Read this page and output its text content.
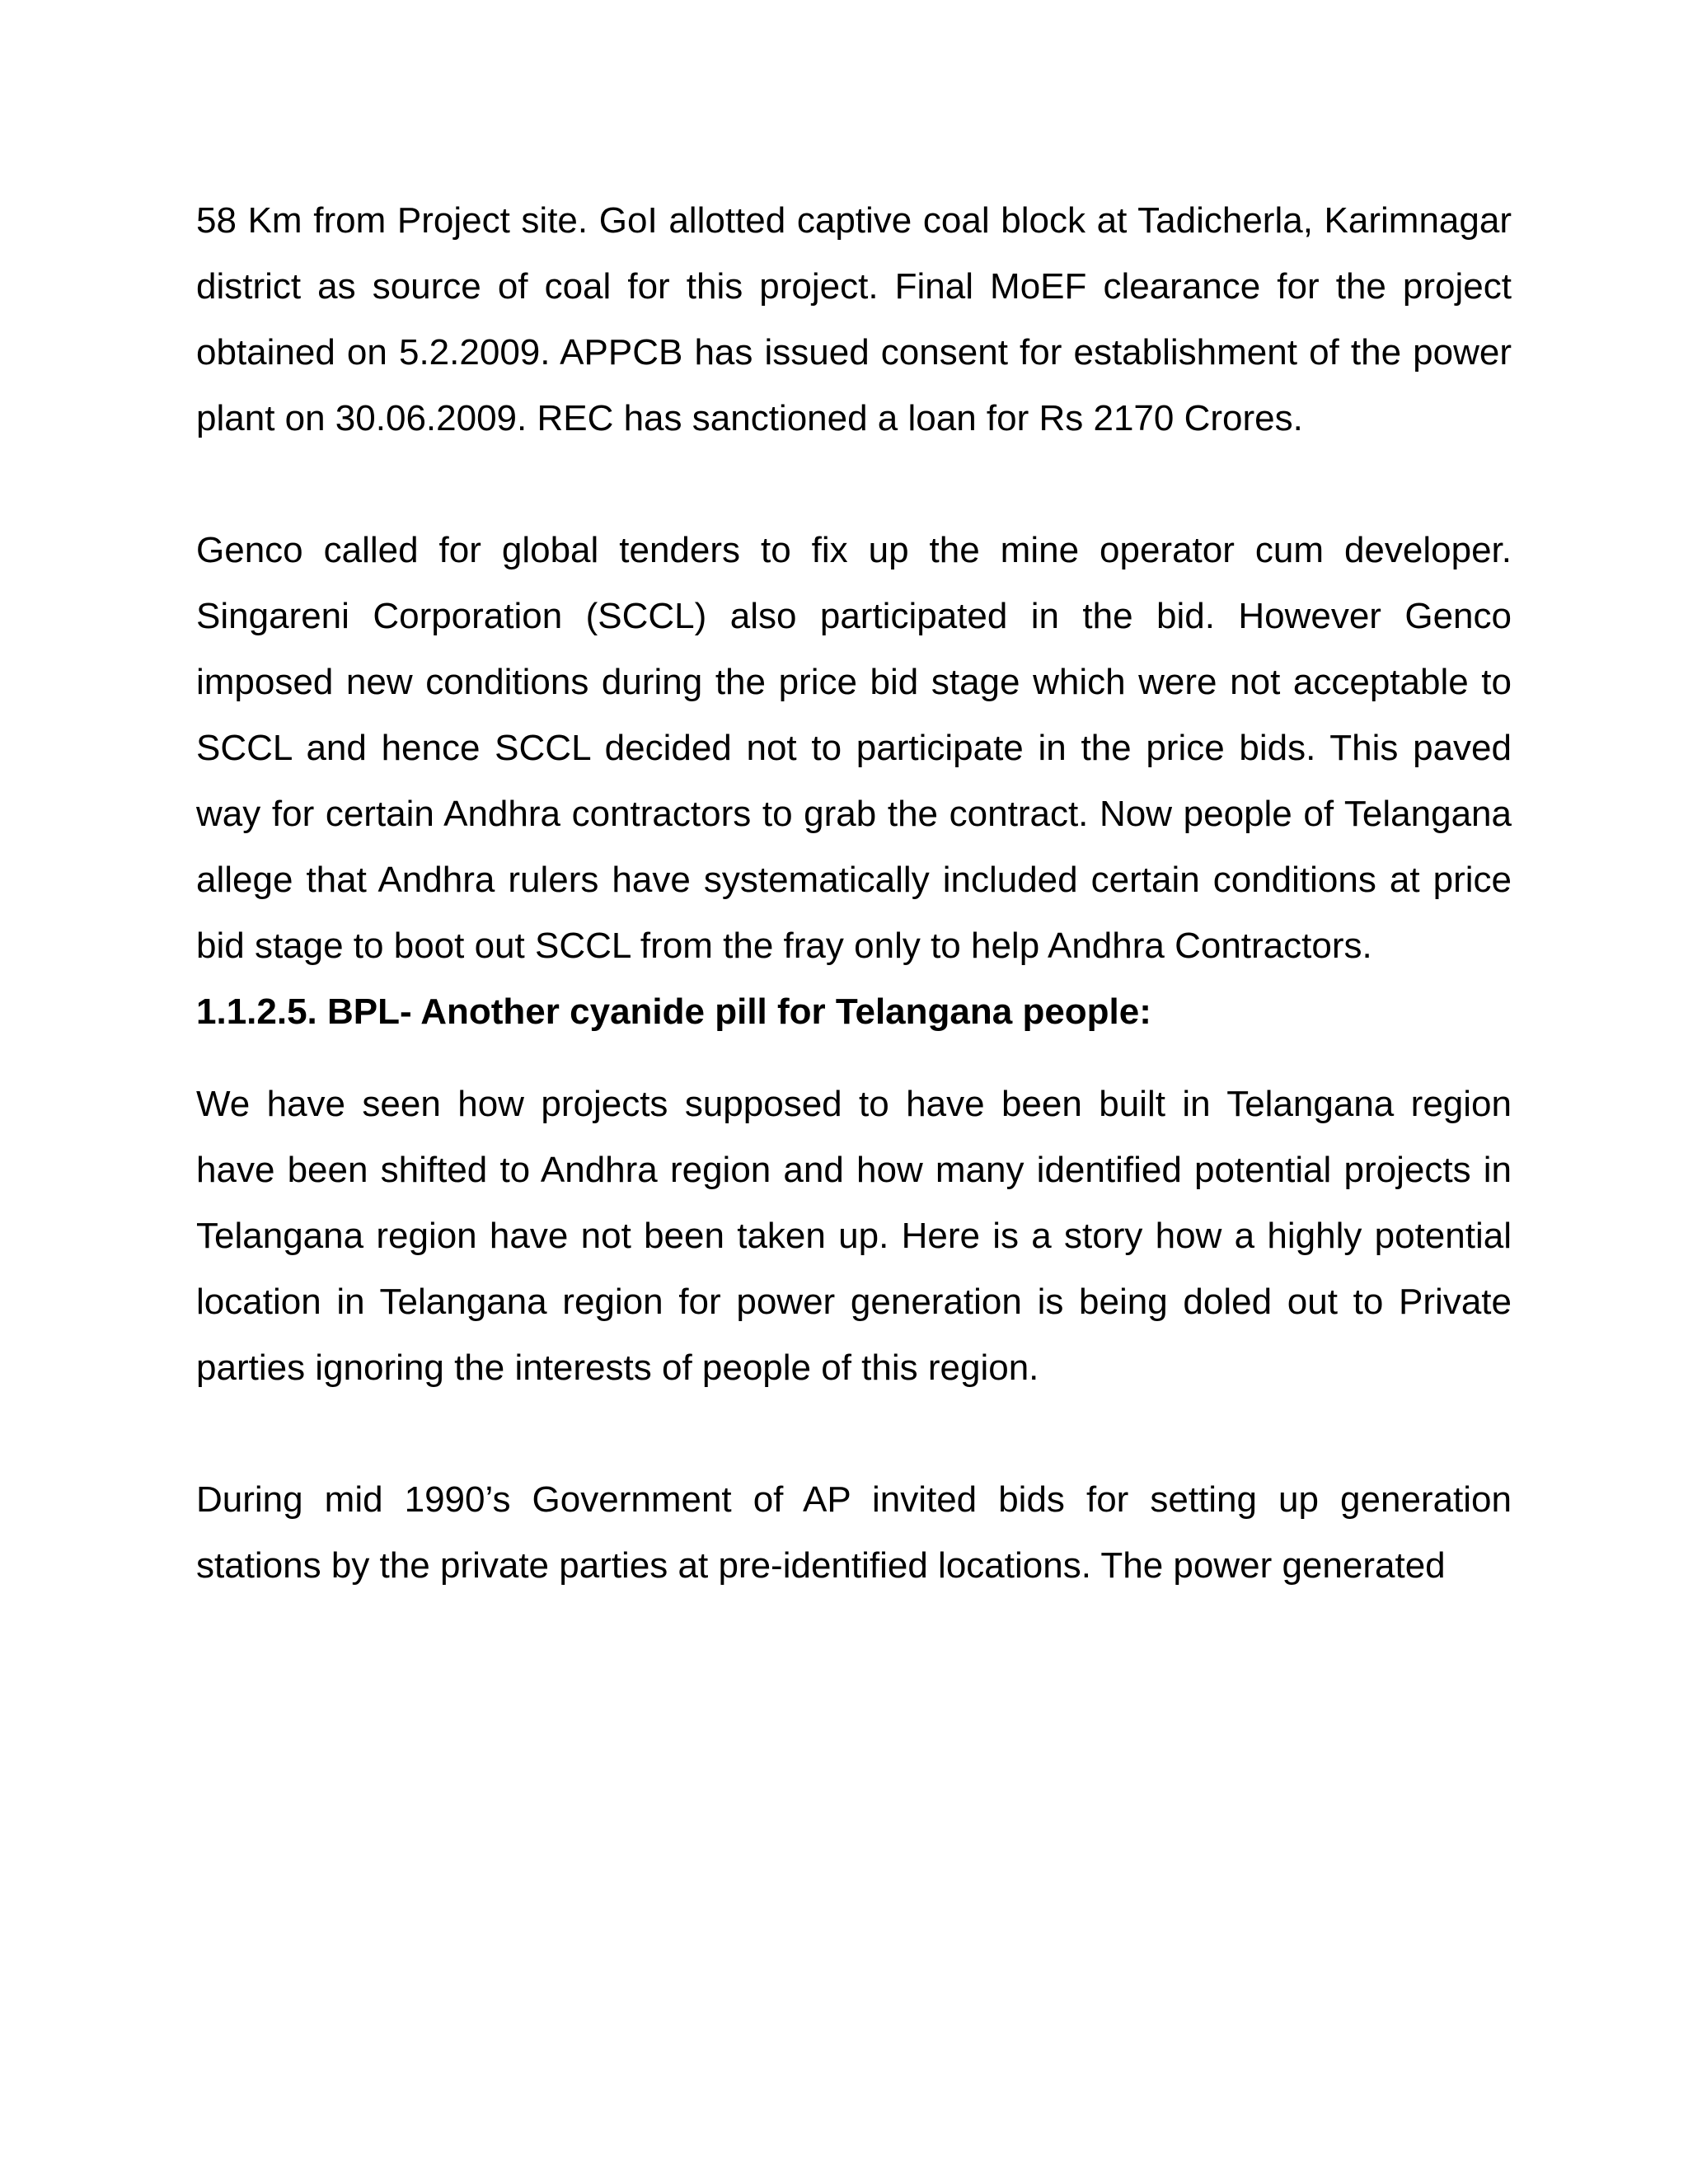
58 Km from Project site. GoI allotted captive coal block at Tadicherla, Karimnagar district as source of coal for this project. Final MoEF clearance for the project obtained on 5.2.2009. APPCB has issued consent for establishment of the power plant on 30.06.2009. REC has sanctioned a loan for Rs 2170 Crores.

Genco called for global tenders to fix up the mine operator cum developer. Singareni Corporation (SCCL) also participated in the bid. However Genco imposed new conditions during the price bid stage which were not acceptable to SCCL and hence SCCL decided not to participate in the price bids. This paved way for certain Andhra contractors to grab the contract. Now people of Telangana allege that Andhra rulers have systematically included certain conditions at price bid stage to boot out SCCL from the fray only to help Andhra Contractors.

1.1.2.5. BPL- Another cyanide pill for Telangana people:

We have seen how projects supposed to have been built in Telangana region have been shifted to Andhra region and how many identified potential projects in Telangana region have not been taken up. Here is a story how a highly potential location in Telangana region for power generation is being doled out to Private parties ignoring the interests of people of this region.

During mid 1990’s Government of AP invited bids for setting up generation stations by the private parties at pre-identified locations. The power generated
